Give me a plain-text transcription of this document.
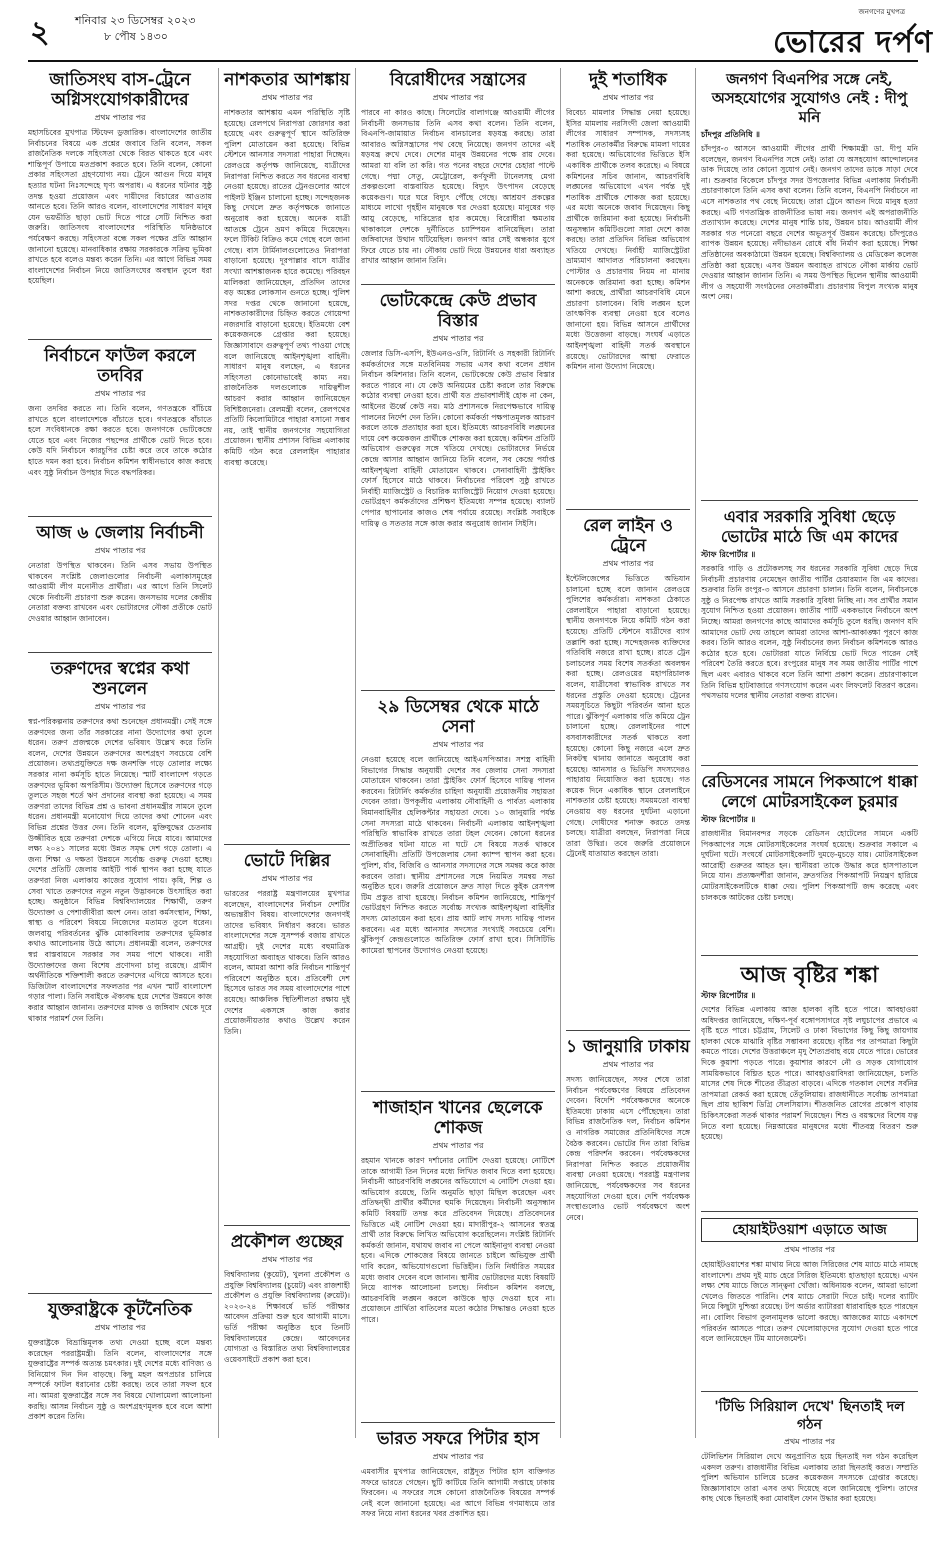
২ শনিবার ২৩ ডিসেম্বর ২০২৩
৮ পৌষ ১৪৩০
জনগণের মুখপত্র
ভোরের দর্পণ
জাতিসংঘ বাস-ট্রেনে অগ্নিসংযোগকারীদের
প্রথম পাতার পর
মহাসচিবের মুখপাত্র স্টিফেন ডুজারিক। বাংলাদেশের জাতীয় নির্বাচনের বিষয়ে এক প্রশ্নের জবাবে তিনি বলেন, সকল রাজনৈতিক দলকে সহিংসতা থেকে বিরত থাকতে হবে এবং শান্তিপূর্ণ উপায়ে মতপ্রকাশ করতে হবে। তিনি বলেন, কোনো প্রকার সহিংসতা গ্রহণযোগ্য নয়। ট্রেনে আগুন দিয়ে মানুষ হত্যার ঘটনা নিঃসন্দেহে ঘৃণ্য অপরাধ। এ ধরনের ঘটনার সুষ্ঠু তদন্ত হওয়া প্রয়োজন এবং দায়ীদের বিচারের আওতায় আনতে হবে। তিনি আরও বলেন, বাংলাদেশের সাধারণ মানুষ যেন ভয়ভীতি ছাড়া ভোট দিতে পারে সেটি নিশ্চিত করা জরুরি। জাতিসংঘ বাংলাদেশের পরিস্থিতি ঘনিষ্ঠভাবে পর্যবেক্ষণ করছে। সহিংসতা বন্ধে সকল পক্ষের প্রতি আহ্বান জানানো হয়েছে। মানবাধিকার রক্ষায় সরকারকে সক্রিয় ভূমিকা রাখতে হবে বলেও মন্তব্য করেন তিনি। এর আগে বিভিন্ন সময় বাংলাদেশের নির্বাচন নিয়ে জাতিসংঘের অবস্থান তুলে ধরা হয়েছিল।
নির্বাচনে ফাউল করলে তদবির
প্রথম পাতার পর
জন্য তদবির করতে না। তিনি বলেন, গণতন্ত্রকে বাঁচিয়ে রাখতে হলে বাংলাদেশকে বাঁচাতে হবে। গণতন্ত্রকে বাঁচাতে হলে সংবিধানকে রক্ষা করতে হবে। জনগণকে ভোটকেন্দ্রে যেতে হবে এবং নিজের পছন্দের প্রার্থীকে ভোট দিতে হবে। কেউ যদি নির্বাচনে কারচুপির চেষ্টা করে তবে তাকে কঠোর হাতে দমন করা হবে। নির্বাচন কমিশন স্বাধীনভাবে কাজ করছে এবং সুষ্ঠু নির্বাচন উপহার দিতে বদ্ধপরিকর।
আজ ৬ জেলায় নির্বাচনী
প্রথম পাতার পর
নেতারা উপস্থিত থাকবেন। তিনি এসব সভায় উপস্থিত থাকবেন সংশ্লিষ্ট জেলাগুলোর নির্বাচনী এলাকাসমূহের আওয়ামী লীগ মনোনীত প্রার্থীরা। এর আগে তিনি সিলেট থেকে নির্বাচনী প্রচারণা শুরু করেন। জনসভায় দলের কেন্দ্রীয় নেতারা বক্তব্য রাখবেন এবং ভোটারদের নৌকা প্রতীকে ভোট দেওয়ার আহ্বান জানাবেন।
তরুণদের স্বপ্নের কথা শুনলেন
প্রথম পাতার পর
স্বপ্ন-পরিকল্পনায় তরুণদের কথা শুনেছেন প্রধানমন্ত্রী। সেই সঙ্গে তরুণদের জন্য তাঁর সরকারের নানা উদ্যোগের কথা তুলে ধরেন। তরুণ প্রজন্মকে দেশের ভবিষ্যৎ উল্লেখ করে তিনি বলেন, দেশের উন্নয়নে তরুণদের অংশগ্রহণ সবচেয়ে বেশি প্রয়োজন। তথ্যপ্রযুক্তিতে দক্ষ জনশক্তি গড়ে তোলার লক্ষ্যে সরকার নানা কর্মসূচি হাতে নিয়েছে। স্মার্ট বাংলাদেশ গড়তে তরুণদের ভূমিকা অপরিসীম। উদ্যোক্তা হিসেবে তরুণদের গড়ে তুলতে সহজ শর্তে ঋণ প্রদানের ব্যবস্থা করা হয়েছে। এ সময় তরুণরা তাদের বিভিন্ন প্রশ্ন ও ভাবনা প্রধানমন্ত্রীর সামনে তুলে ধরেন। প্রধানমন্ত্রী মনোযোগ দিয়ে তাদের কথা শোনেন এবং বিভিন্ন প্রশ্নের উত্তর দেন। তিনি বলেন, মুক্তিযুদ্ধের চেতনায় উজ্জীবিত হয়ে তরুণরা দেশকে এগিয়ে নিয়ে যাবে। আমাদের লক্ষ্য ২০৪১ সালের মধ্যে উন্নত সমৃদ্ধ দেশ গড়ে তোলা। এ জন্য শিক্ষা ও দক্ষতা উন্নয়নে সর্বোচ্চ গুরুত্ব দেওয়া হচ্ছে। দেশের প্রতিটি জেলায় আইটি পার্ক স্থাপন করা হচ্ছে যাতে তরুণরা নিজ এলাকায় কাজের সুযোগ পায়। কৃষি, শিল্প ও সেবা খাতে তরুণদের নতুন নতুন উদ্ভাবনকে উৎসাহিত করা হচ্ছে। অনুষ্ঠানে বিভিন্ন বিশ্ববিদ্যালয়ের শিক্ষার্থী, তরুণ উদ্যোক্তা ও পেশাজীবীরা অংশ নেন। তারা কর্মসংস্থান, শিক্ষা, স্বাস্থ্য ও পরিবেশ বিষয়ে নিজেদের মতামত তুলে ধরেন। জলবায়ু পরিবর্তনের ঝুঁকি মোকাবিলায় তরুণদের ভূমিকার কথাও আলোচনায় উঠে আসে। প্রধানমন্ত্রী বলেন, তরুণদের স্বপ্ন বাস্তবায়নে সরকার সব সময় পাশে থাকবে। নারী উদ্যোক্তাদের জন্য বিশেষ প্রণোদনা চালু রয়েছে। গ্রামীণ অর্থনীতিকে শক্তিশালী করতে তরুণদের এগিয়ে আসতে হবে। ডিজিটাল বাংলাদেশের সফলতার পর এখন স্মার্ট বাংলাদেশ গড়ার পালা। তিনি সবাইকে ঐক্যবদ্ধ হয়ে দেশের উন্নয়নে কাজ করার আহ্বান জানান। তরুণদের মাদক ও জঙ্গিবাদ থেকে দূরে থাকার পরামর্শ দেন তিনি।
যুক্তরাষ্ট্রকে কূটনৈতিক
প্রথম পাতার পর
যুক্তরাষ্ট্রকে বিভ্রান্তিমূলক তথ্য দেওয়া হচ্ছে বলে মন্তব্য করেছেন পররাষ্ট্রমন্ত্রী। তিনি বলেন, বাংলাদেশের সঙ্গে যুক্তরাষ্ট্রের সম্পর্ক অত্যন্ত চমৎকার। দুই দেশের মধ্যে বাণিজ্য ও বিনিয়োগ দিন দিন বাড়ছে। কিছু মহল অপপ্রচার চালিয়ে সম্পর্কে ফাটল ধরানোর চেষ্টা করছে। তবে তারা সফল হবে না। আমরা যুক্তরাষ্ট্রের সঙ্গে সব বিষয়ে খোলামেলা আলোচনা করছি। আসন্ন নির্বাচন সুষ্ঠু ও অংশগ্রহণমূলক হবে বলে আশা প্রকাশ করেন তিনি।
নাশকতার আশঙ্কায়
প্রথম পাতার পর
নাশকতার আশঙ্কায় এমন পরিস্থিতি সৃষ্টি হয়েছে। রেলপথে নিরাপত্তা জোরদার করা হয়েছে এবং গুরুত্বপূর্ণ স্থানে অতিরিক্ত পুলিশ মোতায়েন করা হয়েছে। বিভিন্ন স্টেশনে আনসার সদস্যরা পাহারা দিচ্ছেন। রেলওয়ে কর্তৃপক্ষ জানিয়েছে, যাত্রীদের নিরাপত্তা নিশ্চিত করতে সব ধরনের ব্যবস্থা নেওয়া হয়েছে। রাতের ট্রেনগুলোর আগে পাইলট ইঞ্জিন চালানো হচ্ছে। সন্দেহজনক কিছু দেখলে দ্রুত কর্তৃপক্ষকে জানাতে অনুরোধ করা হয়েছে। অনেক যাত্রী আতঙ্কে ট্রেনে ভ্রমণ কমিয়ে দিয়েছেন। ফলে টিকিট বিক্রিও কমে গেছে বলে জানা গেছে। বাস টার্মিনালগুলোতেও নিরাপত্তা বাড়ানো হয়েছে। দূরপাল্লার বাসে যাত্রীর সংখ্যা আশঙ্কাজনক হারে কমেছে। পরিবহন মালিকরা জানিয়েছেন, প্রতিদিন তাদের বড় অঙ্কের লোকসান গুনতে হচ্ছে। পুলিশ সদর দপ্তর থেকে জানানো হয়েছে, নাশকতাকারীদের চিহ্নিত করতে গোয়েন্দা নজরদারি বাড়ানো হয়েছে। ইতিমধ্যে বেশ কয়েকজনকে গ্রেপ্তার করা হয়েছে। জিজ্ঞাসাবাদে গুরুত্বপূর্ণ তথ্য পাওয়া গেছে বলে জানিয়েছে আইনশৃঙ্খলা বাহিনী। সাধারণ মানুষ বলছেন, এ ধরনের সহিংসতা কোনোভাবেই কাম্য নয়। রাজনৈতিক দলগুলোকে দায়িত্বশীল আচরণ করার আহ্বান জানিয়েছেন বিশিষ্টজনেরা। রেলমন্ত্রী বলেন, রেলপথের প্রতিটি কিলোমিটারে পাহারা বসানো সম্ভব নয়, তাই স্থানীয় জনগণের সহযোগিতা প্রয়োজন। স্থানীয় প্রশাসন বিভিন্ন এলাকায় কমিটি গঠন করে রেললাইন পাহারার ব্যবস্থা করেছে।
ভোটে দিল্লির
প্রথম পাতার পর
ভারতের পররাষ্ট্র মন্ত্রণালয়ের মুখপাত্র বলেছেন, বাংলাদেশের নির্বাচন দেশটির অভ্যন্তরীণ বিষয়। বাংলাদেশের জনগণই তাদের ভবিষ্যৎ নির্ধারণ করবে। ভারত বাংলাদেশের সঙ্গে সুসম্পর্ক বজায় রাখতে আগ্রহী। দুই দেশের মধ্যে বহুমাত্রিক সহযোগিতা অব্যাহত থাকবে। তিনি আরও বলেন, আমরা আশা করি নির্বাচন শান্তিপূর্ণ পরিবেশে অনুষ্ঠিত হবে। প্রতিবেশী দেশ হিসেবে ভারত সব সময় বাংলাদেশের পাশে রয়েছে। আঞ্চলিক স্থিতিশীলতা রক্ষায় দুই দেশের একসঙ্গে কাজ করার প্রয়োজনীয়তার কথাও উল্লেখ করেন তিনি।
প্রকৌশল গুচ্ছের
প্রথম পাতার পর
বিশ্ববিদ্যালয় (কুয়েট), খুলনা প্রকৌশল ও প্রযুক্তি বিশ্ববিদ্যালয় (চুয়েট) এবং রাজশাহী প্রকৌশল ও প্রযুক্তি বিশ্ববিদ্যালয় (রুয়েট)। ২০২৩-২৪ শিক্ষাবর্ষে ভর্তি পরীক্ষার আবেদন প্রক্রিয়া শুরু হবে আগামী মাসে। ভর্তি পরীক্ষা অনুষ্ঠিত হবে তিনটি বিশ্ববিদ্যালয়ের কেন্দ্রে। আবেদনের যোগ্যতা ও বিস্তারিত তথ্য বিশ্ববিদ্যালয়ের ওয়েবসাইটে প্রকাশ করা হবে।
বিরোধীদের সন্ত্রাসের
প্রথম পাতার পর
পারবে না কারও কাছে। সিলেটের বালাগঞ্জে আওয়ামী লীগের নির্বাচনী জনসভায় তিনি এসব কথা বলেন। তিনি বলেন, বিএনপি-জামায়াত নির্বাচন বানচালের ষড়যন্ত্র করছে। তারা আবারও অগ্নিসন্ত্রাসের পথ বেছে নিয়েছে। জনগণ তাদের এই ষড়যন্ত্র রুখে দেবে। দেশের মানুষ উন্নয়নের পক্ষে রায় দেবে। আমরা যা বলি তা করি। গত পনের বছরে দেশের চেহারা পাল্টে গেছে। পদ্মা সেতু, মেট্রোরেল, কর্ণফুলী টানেলসহ মেগা প্রকল্পগুলো বাস্তবায়িত হয়েছে। বিদ্যুৎ উৎপাদন বেড়েছে কয়েকগুণ। ঘরে ঘরে বিদ্যুৎ পৌঁছে গেছে। আশ্রয়ণ প্রকল্পের মাধ্যমে লাখো গৃহহীন মানুষকে ঘর দেওয়া হয়েছে। মানুষের গড় আয়ু বেড়েছে, দারিদ্র্যের হার কমেছে। বিরোধীরা ক্ষমতায় থাকাকালে দেশকে দুর্নীতিতে চ্যাম্পিয়ন বানিয়েছিল। তারা জঙ্গিবাদের উত্থান ঘটিয়েছিল। জনগণ আর সেই অন্ধকার যুগে ফিরে যেতে চায় না। নৌকায় ভোট দিয়ে উন্নয়নের ধারা অব্যাহত রাখার আহ্বান জানান তিনি।
ভোটকেন্দ্রে কেউ প্রভাব বিস্তার
প্রথম পাতার পর
জেলার ডিসি-এসপি, ইউএনও-ওসি, রিটার্নিং ও সহকারী রিটার্নিং কর্মকর্তাদের সঙ্গে মতবিনিময় সভায় এসব কথা বলেন প্রধান নির্বাচন কমিশনার। তিনি বলেন, ভোটকেন্দ্রে কেউ প্রভাব বিস্তার করতে পারবে না। যে কেউ অনিয়মের চেষ্টা করলে তার বিরুদ্ধে কঠোর ব্যবস্থা নেওয়া হবে। প্রার্থী যত প্রভাবশালীই হোক না কেন, আইনের ঊর্ধ্বে কেউ নয়। মাঠ প্রশাসনকে নিরপেক্ষভাবে দায়িত্ব পালনের নির্দেশ দেন তিনি। কোনো কর্মকর্তা পক্ষপাতমূলক আচরণ করলে তাকে প্রত্যাহার করা হবে। ইতিমধ্যে আচরণবিধি লঙ্ঘনের দায়ে বেশ কয়েকজন প্রার্থীকে শোকজ করা হয়েছে। কমিশন প্রতিটি অভিযোগ গুরুত্বের সঙ্গে খতিয়ে দেখছে। ভোটারদের নির্ভয়ে কেন্দ্রে আসার আহ্বান জানিয়ে তিনি বলেন, সব কেন্দ্রে পর্যাপ্ত আইনশৃঙ্খলা বাহিনী মোতায়েন থাকবে। সেনাবাহিনী স্ট্রাইকিং ফোর্স হিসেবে মাঠে থাকবে। নির্বাচনের পরিবেশ সুষ্ঠু রাখতে নির্বাহী ম্যাজিস্ট্রেট ও বিচারিক ম্যাজিস্ট্রেট নিয়োগ দেওয়া হয়েছে। ভোটগ্রহণ কর্মকর্তাদের প্রশিক্ষণ ইতিমধ্যে সম্পন্ন হয়েছে। ব্যালট পেপার ছাপানোর কাজও শেষ পর্যায়ে রয়েছে। সংশ্লিষ্ট সবাইকে দায়িত্ব ও সততার সঙ্গে কাজ করার অনুরোধ জানান সিইসি।
২৯ ডিসেম্বর থেকে মাঠে সেনা
প্রথম পাতার পর
নেওয়া হয়েছে বলে জানিয়েছে আইএসপিআর। সশস্ত্র বাহিনী বিভাগের সিদ্ধান্ত অনুযায়ী দেশের সব জেলায় সেনা সদস্যরা মোতায়েন থাকবেন। তারা স্ট্রাইকিং ফোর্স হিসেবে দায়িত্ব পালন করবেন। রিটার্নিং কর্মকর্তার চাহিদা অনুযায়ী প্রয়োজনীয় সহায়তা দেবেন তারা। উপকূলীয় এলাকায় নৌবাহিনী ও পার্বত্য এলাকায় বিমানবাহিনীর হেলিকপ্টার সহায়তা দেবে। ১০ জানুয়ারি পর্যন্ত সেনা সদস্যরা মাঠে থাকবেন। নির্বাচনী এলাকায় আইনশৃঙ্খলা পরিস্থিতি স্বাভাবিক রাখতে তারা টহল দেবেন। কোনো ধরনের অপ্রীতিকর ঘটনা যাতে না ঘটে সে বিষয়ে সতর্ক থাকবে সেনাবাহিনী। প্রতিটি উপজেলায় সেনা ক্যাম্প স্থাপন করা হবে। পুলিশ, র্যাব, বিজিবি ও আনসার সদস্যদের সঙ্গে সমন্বয় করে কাজ করবেন তারা। স্থানীয় প্রশাসনের সঙ্গে নিয়মিত সমন্বয় সভা অনুষ্ঠিত হবে। জরুরি প্রয়োজনে দ্রুত সাড়া দিতে কুইক রেসপন্স টিম প্রস্তুত রাখা হয়েছে। নির্বাচন কমিশন জানিয়েছে, শান্তিপূর্ণ ভোটগ্রহণ নিশ্চিত করতে সর্বোচ্চ সংখ্যক আইনশৃঙ্খলা বাহিনীর সদস্য মোতায়েন করা হবে। প্রায় আট লাখ সদস্য দায়িত্ব পালন করবেন। এর মধ্যে আনসার সদস্যের সংখ্যাই সবচেয়ে বেশি। ঝুঁকিপূর্ণ কেন্দ্রগুলোতে অতিরিক্ত ফোর্স রাখা হবে। সিসিটিভি ক্যামেরা স্থাপনের উদ্যোগও নেওয়া হয়েছে।
শাজাহান খানের ছেলেকে শোকজ
প্রথম পাতার পর
রহমান খানকে কারণ দর্শানোর নোটিশ দেওয়া হয়েছে। নোটিশে তাকে আগামী তিন দিনের মধ্যে লিখিত জবাব দিতে বলা হয়েছে। নির্বাচনী আচরণবিধি লঙ্ঘনের অভিযোগে এ নোটিশ দেওয়া হয়। অভিযোগ রয়েছে, তিনি অনুমতি ছাড়া মিছিল করেছেন এবং প্রতিদ্বন্দ্বী প্রার্থীর কর্মীদের হুমকি দিয়েছেন। নির্বাচনী অনুসন্ধান কমিটি বিষয়টি তদন্ত করে প্রতিবেদন দিয়েছে। প্রতিবেদনের ভিত্তিতে এই নোটিশ দেওয়া হয়। মাদারীপুর-২ আসনের স্বতন্ত্র প্রার্থী তার বিরুদ্ধে লিখিত অভিযোগ করেছিলেন। সংশ্লিষ্ট রিটার্নিং কর্মকর্তা জানান, যথাযথ জবাব না পেলে আইনানুগ ব্যবস্থা নেওয়া হবে। এদিকে শোকজের বিষয়ে জানতে চাইলে অভিযুক্ত প্রার্থী দাবি করেন, অভিযোগগুলো ভিত্তিহীন। তিনি নির্ধারিত সময়ের মধ্যে জবাব দেবেন বলে জানান। স্থানীয় ভোটারদের মধ্যে বিষয়টি নিয়ে ব্যাপক আলোচনা চলছে। নির্বাচন কমিশন বলছে, আচরণবিধি লঙ্ঘন করলে কাউকে ছাড় দেওয়া হবে না। প্রয়োজনে প্রার্থিতা বাতিলের মতো কঠোর সিদ্ধান্তও নেওয়া হতে পারে।
ভারত সফরে পিটার হাস
প্রথম পাতার পর
এমবাসীর মুখপাত্র জানিয়েছেন, রাষ্ট্রদূত পিটার হাস ব্যক্তিগত সফরে ভারতে গেছেন। ছুটি কাটিয়ে তিনি আগামী সপ্তাহে ঢাকায় ফিরবেন। এ সফরের সঙ্গে কোনো রাজনৈতিক বিষয়ের সম্পর্ক নেই বলে জানানো হয়েছে। এর আগে বিভিন্ন গণমাধ্যমে তার সফর নিয়ে নানা ধরনের খবর প্রকাশিত হয়।
দুই শতাধিক
প্রথম পাতার পর
বিবেচ্য মামলার সিদ্ধান্ত নেয়া হয়েছে। ইসির মামলায় নরসিংদী জেলা আওয়ামী লীগের সাধারণ সম্পাদক, সদস্যসহ শতাধিক নেতাকর্মীর বিরুদ্ধে মামলা দায়ের করা হয়েছে। অভিযোগের ভিত্তিতে ইসি একাধিক প্রার্থীকে তলব করেছে। এ বিষয়ে কমিশনের সচিব জানান, আচরণবিধি লঙ্ঘনের অভিযোগে এখন পর্যন্ত দুই শতাধিক প্রার্থীকে শোকজ করা হয়েছে। এর মধ্যে অনেকে জবাব দিয়েছেন। কিছু প্রার্থীকে জরিমানা করা হয়েছে। নির্বাচনী অনুসন্ধান কমিটিগুলো সারা দেশে কাজ করছে। তারা প্রতিদিন বিভিন্ন অভিযোগ খতিয়ে দেখছে। নির্বাহী ম্যাজিস্ট্রেটরা ভ্রাম্যমাণ আদালত পরিচালনা করছেন। পোস্টার ও প্রচারণায় নিয়ম না মানায় অনেককে জরিমানা করা হচ্ছে। কমিশন আশা করছে, প্রার্থীরা আচরণবিধি মেনে প্রচারণা চালাবেন। বিধি লঙ্ঘন হলে তাৎক্ষণিক ব্যবস্থা নেওয়া হবে বলেও জানানো হয়। বিভিন্ন আসনে প্রার্থীদের মধ্যে উত্তেজনা বাড়ছে। সংঘর্ষ এড়াতে আইনশৃঙ্খলা বাহিনী সতর্ক অবস্থানে রয়েছে। ভোটারদের আস্থা ফেরাতে কমিশন নানা উদ্যোগ নিয়েছে।
রেল লাইন ও ট্রেনে
প্রথম পাতার পর
ইন্টেলিজেন্সের ভিত্তিতে অভিযান চালানো হচ্ছে বলে জানান রেলওয়ে পুলিশের কর্মকর্তারা। নাশকতা ঠেকাতে রেললাইনে পাহারা বাড়ানো হয়েছে। স্থানীয় জনগণকে নিয়ে কমিটি গঠন করা হয়েছে। প্রতিটি স্টেশনে যাত্রীদের ব্যাগ তল্লাশি করা হচ্ছে। সন্দেহজনক ব্যক্তিদের গতিবিধি নজরে রাখা হচ্ছে। রাতে ট্রেন চলাচলের সময় বিশেষ সতর্কতা অবলম্বন করা হচ্ছে। রেলওয়ের মহাপরিচালক বলেন, যাত্রীসেবা স্বাভাবিক রাখতে সব ধরনের প্রস্তুতি নেওয়া হয়েছে। ট্রেনের সময়সূচিতে কিছুটা পরিবর্তন আনা হতে পারে। ঝুঁকিপূর্ণ এলাকায় গতি কমিয়ে ট্রেন চালানো হচ্ছে। রেললাইনের পাশে বসবাসকারীদের সতর্ক থাকতে বলা হয়েছে। কোনো কিছু নজরে এলে দ্রুত নিকটস্থ থানায় জানাতে অনুরোধ করা হয়েছে। আনসার ও ভিডিপি সদস্যদেরও পাহারায় নিয়োজিত করা হয়েছে। গত কয়েক দিনে একাধিক স্থানে রেললাইনে নাশকতার চেষ্টা হয়েছে। সময়মতো ব্যবস্থা নেওয়ায় বড় ধরনের দুর্ঘটনা এড়ানো গেছে। দোষীদের শনাক্ত করতে তদন্ত চলছে। যাত্রীরা বলছেন, নিরাপত্তা নিয়ে তারা উদ্বিগ্ন। তবে জরুরি প্রয়োজনে ট্রেনেই যাতায়াত করছেন তারা।
১ জানুয়ারি ঢাকায়
প্রথম পাতার পর
সদস্য জানিয়েছেন, সফর শেষে তারা নির্বাচন পর্যবেক্ষণের বিষয়ে প্রতিবেদন দেবেন। বিদেশি পর্যবেক্ষকদের অনেকে ইতিমধ্যে ঢাকায় এসে পৌঁছেছেন। তারা বিভিন্ন রাজনৈতিক দল, নির্বাচন কমিশন ও নাগরিক সমাজের প্রতিনিধিদের সঙ্গে বৈঠক করবেন। ভোটের দিন তারা বিভিন্ন কেন্দ্র পরিদর্শন করবেন। পর্যবেক্ষকদের নিরাপত্তা নিশ্চিত করতে প্রয়োজনীয় ব্যবস্থা নেওয়া হয়েছে। পররাষ্ট্র মন্ত্রণালয় জানিয়েছে, পর্যবেক্ষকদের সব ধরনের সহযোগিতা দেওয়া হবে। দেশি পর্যবেক্ষক সংস্থাগুলোও ভোট পর্যবেক্ষণে অংশ নেবে।
জনগণ বিএনপির সঙ্গে নেই, অসহযোগের সুযোগও নেই : দীপু মনি
চাঁদপুর প্রতিনিধি ॥
চাঁদপুর-৩ আসনে আওয়ামী লীগের প্রার্থী শিক্ষামন্ত্রী ডা. দীপু মনি বলেছেন, জনগণ বিএনপির সঙ্গে নেই। তারা যে অসহযোগ আন্দোলনের ডাক দিয়েছে তার কোনো সুযোগ নেই। জনগণ তাদের ডাকে সাড়া দেবে না। শুক্রবার বিকেলে চাঁদপুর সদর উপজেলার বিভিন্ন এলাকায় নির্বাচনী প্রচারণাকালে তিনি এসব কথা বলেন। তিনি বলেন, বিএনপি নির্বাচনে না এসে নাশকতার পথ বেছে নিয়েছে। তারা ট্রেনে আগুন দিয়ে মানুষ হত্যা করছে। এটি গণতান্ত্রিক রাজনীতির ভাষা নয়। জনগণ এই অপরাজনীতি প্রত্যাখ্যান করেছে। দেশের মানুষ শান্তি চায়, উন্নয়ন চায়। আওয়ামী লীগ সরকার গত পনেরো বছরে দেশের অভূতপূর্ব উন্নয়ন করেছে। চাঁদপুরেও ব্যাপক উন্নয়ন হয়েছে। নদীভাঙন রোধে বাঁধ নির্মাণ করা হয়েছে। শিক্ষা প্রতিষ্ঠানের অবকাঠামো উন্নয়ন হয়েছে। বিশ্ববিদ্যালয় ও মেডিকেল কলেজ প্রতিষ্ঠা করা হয়েছে। এসব উন্নয়ন অব্যাহত রাখতে নৌকা মার্কায় ভোট দেওয়ার আহ্বান জানান তিনি। এ সময় উপস্থিত ছিলেন স্থানীয় আওয়ামী লীগ ও সহযোগী সংগঠনের নেতাকর্মীরা। প্রচারণায় বিপুল সংখ্যক মানুষ অংশ নেয়।
এবার সরকারি সুবিধা ছেড়ে ভোটের মাঠে জি এম কাদের
স্টাফ রিপোর্টার ॥
সরকারি গাড়ি ও প্রটোকলসহ সব ধরনের সরকারি সুবিধা ছেড়ে দিয়ে নির্বাচনী প্রচারণায় নেমেছেন জাতীয় পার্টির চেয়ারম্যান জি এম কাদের। শুক্রবার তিনি রংপুর-৩ আসনে প্রচারণা চালান। তিনি বলেন, নির্বাচনকে সুষ্ঠু ও নিরপেক্ষ রাখতে আমি সরকারি সুবিধা নিচ্ছি না। সব প্রার্থীর সমান সুযোগ নিশ্চিত হওয়া প্রয়োজন। জাতীয় পার্টি এককভাবে নির্বাচনে অংশ নিচ্ছে। আমরা জনগণের কাছে আমাদের কর্মসূচি তুলে ধরছি। জনগণ যদি আমাদের ভোট দেয় তাহলে আমরা তাদের আশা-আকাঙ্ক্ষা পূরণে কাজ করব। তিনি আরও বলেন, সুষ্ঠু নির্বাচনের জন্য নির্বাচন কমিশনকে আরও কঠোর হতে হবে। ভোটাররা যাতে নির্বিঘ্নে ভোট দিতে পারেন সেই পরিবেশ তৈরি করতে হবে। রংপুরের মানুষ সব সময় জাতীয় পার্টির পাশে ছিল এবং এবারও থাকবে বলে তিনি আশা প্রকাশ করেন। প্রচারণাকালে তিনি বিভিন্ন হাটবাজারে গণসংযোগ করেন এবং লিফলেট বিতরণ করেন। পথসভায় দলের স্থানীয় নেতারা বক্তব্য রাখেন।
রেডিসনের সামনে পিকআপে ধাক্কা লেগে মোটরসাইকেল চুরমার
স্টাফ রিপোর্টার ॥
রাজধানীর বিমানবন্দর সড়কে রেডিসন হোটেলের সামনে একটি পিকআপের সঙ্গে মোটরসাইকেলের সংঘর্ষ হয়েছে। শুক্রবার সকালে এ দুর্ঘটনা ঘটে। সংঘর্ষে মোটরসাইকেলটি দুমড়ে-মুচড়ে যায়। মোটরসাইকেল আরোহী গুরুতর আহত হন। স্থানীয়রা তাকে উদ্ধার করে হাসপাতালে নিয়ে যান। প্রত্যক্ষদর্শীরা জানান, দ্রুতগতির পিকআপটি নিয়ন্ত্রণ হারিয়ে মোটরসাইকেলটিকে ধাক্কা দেয়। পুলিশ পিকআপটি জব্দ করেছে এবং চালককে আটকের চেষ্টা চলছে।
আজ বৃষ্টির শঙ্কা
স্টাফ রিপোর্টার ॥
দেশের বিভিন্ন এলাকায় আজ হালকা বৃষ্টি হতে পারে। আবহাওয়া অধিদপ্তর জানিয়েছে, দক্ষিণ-পূর্ব বঙ্গোপসাগরে সৃষ্ট লঘুচাপের প্রভাবে এ বৃষ্টি হতে পারে। চট্টগ্রাম, সিলেট ও ঢাকা বিভাগের কিছু কিছু জায়গায় হালকা থেকে মাঝারি বৃষ্টির সম্ভাবনা রয়েছে। বৃষ্টির পর তাপমাত্রা কিছুটা কমতে পারে। দেশের উত্তরাঞ্চলে মৃদু শৈত্যপ্রবাহ বয়ে যেতে পারে। ভোরের দিকে কুয়াশা পড়তে পারে। কুয়াশার কারণে নৌ ও সড়ক যোগাযোগ সাময়িকভাবে বিঘ্নিত হতে পারে। আবহাওয়াবিদরা জানিয়েছেন, চলতি মাসের শেষ দিকে শীতের তীব্রতা বাড়বে। এদিকে গতকাল দেশের সর্বনিম্ন তাপমাত্রা রেকর্ড করা হয়েছে তেঁতুলিয়ায়। রাজধানীতে সর্বোচ্চ তাপমাত্রা ছিল প্রায় ছাব্বিশ ডিগ্রি সেলসিয়াস। শীতজনিত রোগের প্রকোপ বাড়ায় চিকিৎসকেরা সতর্ক থাকার পরামর্শ দিয়েছেন। শিশু ও বয়স্কদের বিশেষ যত্ন নিতে বলা হয়েছে। নিম্নআয়ের মানুষদের মধ্যে শীতবস্ত্র বিতরণ শুরু হয়েছে।
হোয়াইটওয়াশ এড়াতে আজ
প্রথম পাতার পর
হোয়াইটওয়াশের শঙ্কা মাথায় নিয়ে আজ সিরিজের শেষ ম্যাচে মাঠে নামছে বাংলাদেশ। প্রথম দুই ম্যাচ হেরে সিরিজ ইতিমধ্যে হাতছাড়া হয়েছে। এখন লক্ষ্য শেষ ম্যাচে জিতে সান্ত্বনা খোঁজা। অধিনায়ক বলেন, আমরা ভালো খেলেও জিততে পারিনি। শেষ ম্যাচে সেরাটা দিতে চাই। দলের ব্যাটিং নিয়ে কিছুটা দুশ্চিন্তা রয়েছে। টপ অর্ডার ব্যাটাররা ধারাবাহিক হতে পারছেন না। বোলিং বিভাগ তুলনামূলক ভালো করছে। আজকের ম্যাচে একাদশে পরিবর্তন আসতে পারে। তরুণ খেলোয়াড়দের সুযোগ দেওয়া হতে পারে বলে জানিয়েছেন টিম ম্যানেজমেন্ট।
'টিভি সিরিয়াল দেখে' ছিনতাই দল গঠন
প্রথম পাতার পর
টেলিভিশন সিরিয়াল দেখে অনুপ্রাণিত হয়ে ছিনতাই দল গঠন করেছিল একদল তরুণ। রাজধানীর বিভিন্ন এলাকায় তারা ছিনতাই করত। সম্প্রতি পুলিশ অভিযান চালিয়ে চক্রের কয়েকজন সদস্যকে গ্রেপ্তার করেছে। জিজ্ঞাসাবাদে তারা এসব তথ্য দিয়েছে বলে জানিয়েছে পুলিশ। তাদের কাছ থেকে ছিনতাই করা মোবাইল ফোন উদ্ধার করা হয়েছে।
